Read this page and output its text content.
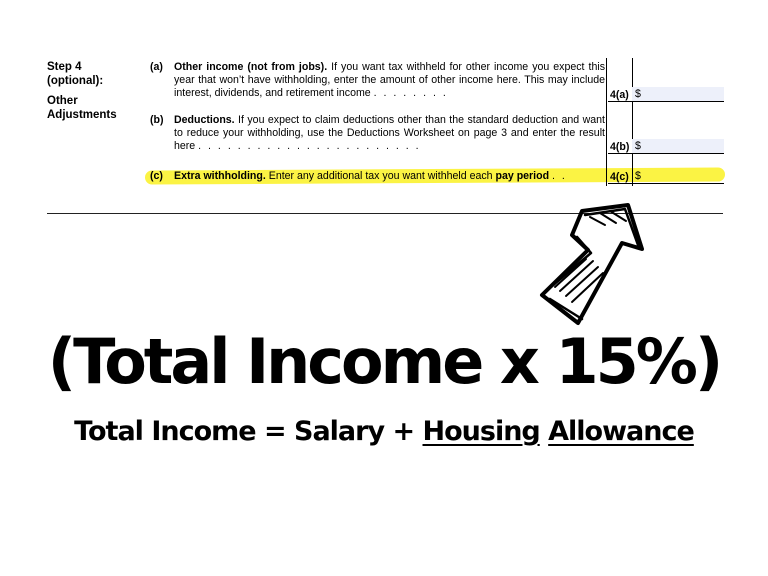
Step 4
(optional):
Other
Adjustments
(a) Other income (not from jobs). If you want tax withheld for other income you expect this year that won’t have withholding, enter the amount of other income here. This may include interest, dividends, and retirement income . . . . . . . .
(b) Deductions. If you expect to claim deductions other than the standard deduction and want to reduce your withholding, use the Deductions Worksheet on page 3 and enter the result here . . . . . . . . . . . . . . . . . . . . . . .
(c) Extra withholding. Enter any additional tax you want withheld each pay period . .
4(a) $
4(b) $
4(c) $
(Total Income x 15%)
Total Income = Salary + Housing Allowance
